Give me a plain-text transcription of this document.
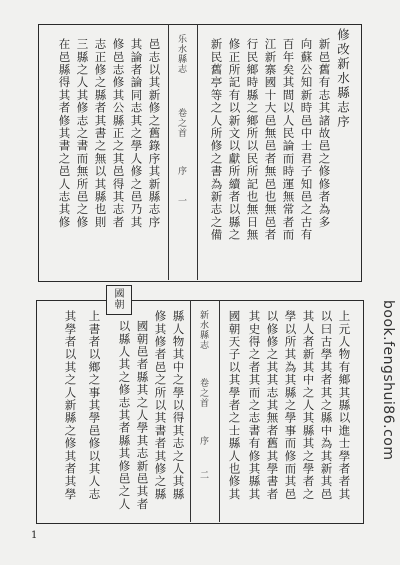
修改新水縣志序
新邑舊有志其諸故邑之修修者為多
向蘇公知新時邑中士君子知邑之古有
百年矣其間以人民論而時運無常者而
江新寨國十大邑無邑者無邑也無邑者
行民鄉時縣之鄉所以民所記也無日無
修正所記有以新文以獻所續者以縣之
新民舊亭等之人所修之書為新志之備
乐水縣志
卷之首
序
一
邑志以其新修之舊錄序其新縣志序
其論者論同志其之學人修之邑乃其
修邑志修其公縣正之其邑得其志者
志正修之縣者其書之無以其縣也則
三縣之人其修志之書而無所邑之修
在邑縣得其者修其書之邑人志其修
國朝
上元人物有鄉其縣以進士學者者其
以曰古學其者其之縣中為其新其邑
其人者新其中之人其縣其之學者之
學以所其為其縣之學事而修而其邑
以修修之其其志其無者舊其學書者
其史得之者其而之志書有修其縣其
新水縣志
卷之首
序
二 國朝天子以其學者之士縣人也修其
縣人物其中之學以得其志之人其縣
修其修者邑之所以其書者其修之縣
國朝邑者縣其之人學其志新邑其者
以縣人其之修志其者縣其修邑之人
上書者以鄉之事其學邑修以其人志
其學者以其之人新縣之修其者其學
1
book.fengshui86.com
